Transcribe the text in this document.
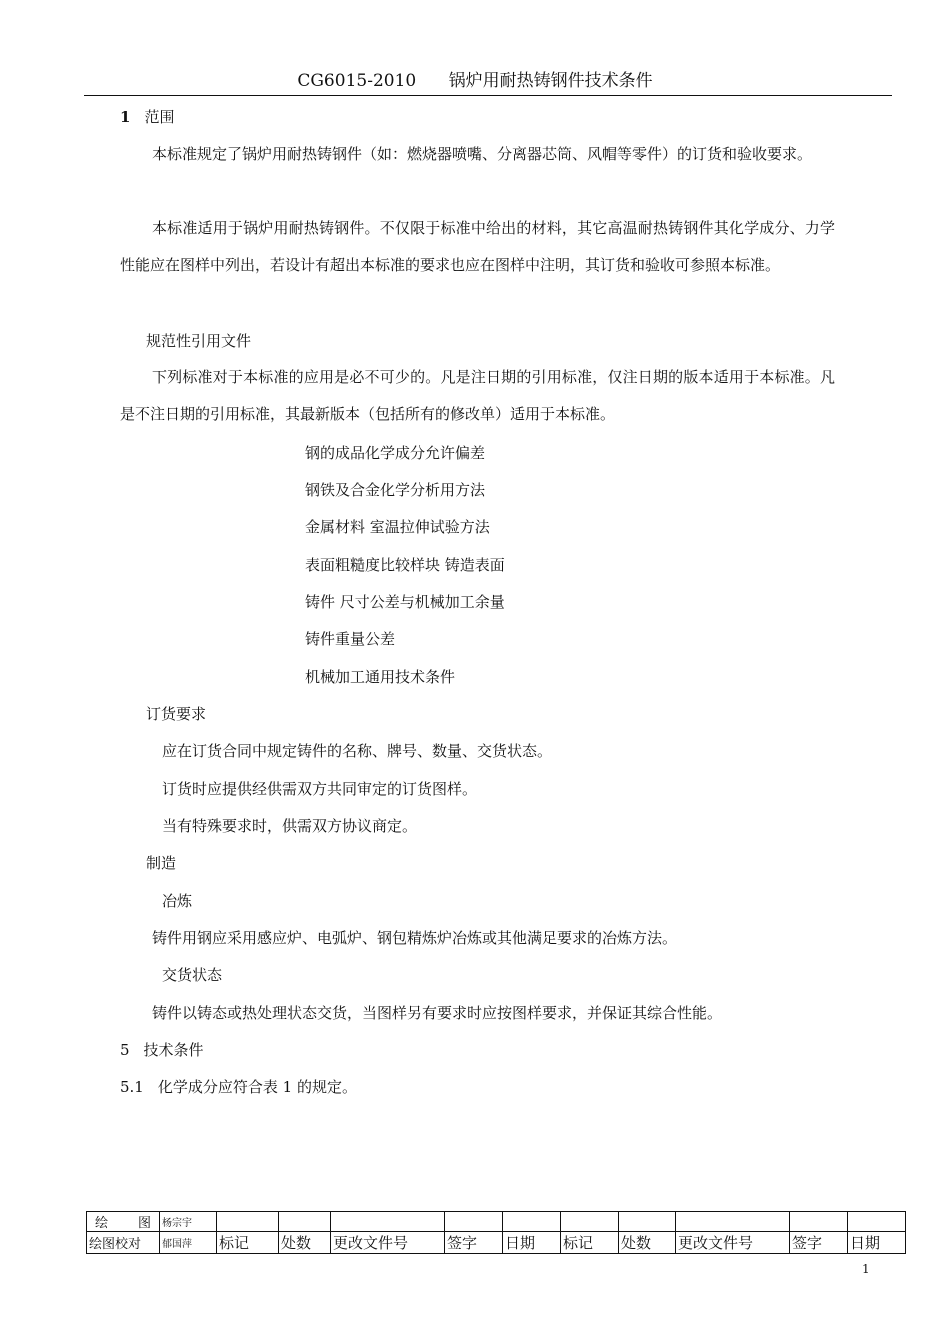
CG6015-2010 锅炉用耐热铸钢件技术条件
1 范围
本标准规定了锅炉用耐热铸钢件（如：燃烧器喷嘴、分离器芯筒、风帽等零件）的订货和验收要求。
本标准适用于锅炉用耐热铸钢件。不仅限于标准中给出的材料，其它高温耐热铸钢件其化学成分、力学性能应在图样中列出，若设计有超出本标准的要求也应在图样中注明，其订货和验收可参照本标准。
规范性引用文件
下列标准对于本标准的应用是必不可少的。凡是注日期的引用标准，仅注日期的版本适用于本标准。凡是不注日期的引用标准，其最新版本（包括所有的修改单）适用于本标准。
钢的成品化学成分允许偏差
钢铁及合金化学分析用方法
金属材料 室温拉伸试验方法
表面粗糙度比较样块 铸造表面
铸件 尺寸公差与机械加工余量
铸件重量公差
机械加工通用技术条件
订货要求
应在订货合同中规定铸件的名称、牌号、数量、交货状态。
订货时应提供经供需双方共同审定的订货图样。
当有特殊要求时，供需双方协议商定。
制造
冶炼
铸件用钢应采用感应炉、电弧炉、钢包精炼炉冶炼或其他满足要求的冶炼方法。
交货状态
铸件以铸态或热处理状态交货，当图样另有要求时应按图样要求，并保证其综合性能。
5 技术条件
5.1 化学成分应符合表 1 的规定。
绘 图	杨宗宇										
绘图校对	郁国萍	标记	处数	更改文件号	签字	日期	标记	处数	更改文件号	签字	日期
1
